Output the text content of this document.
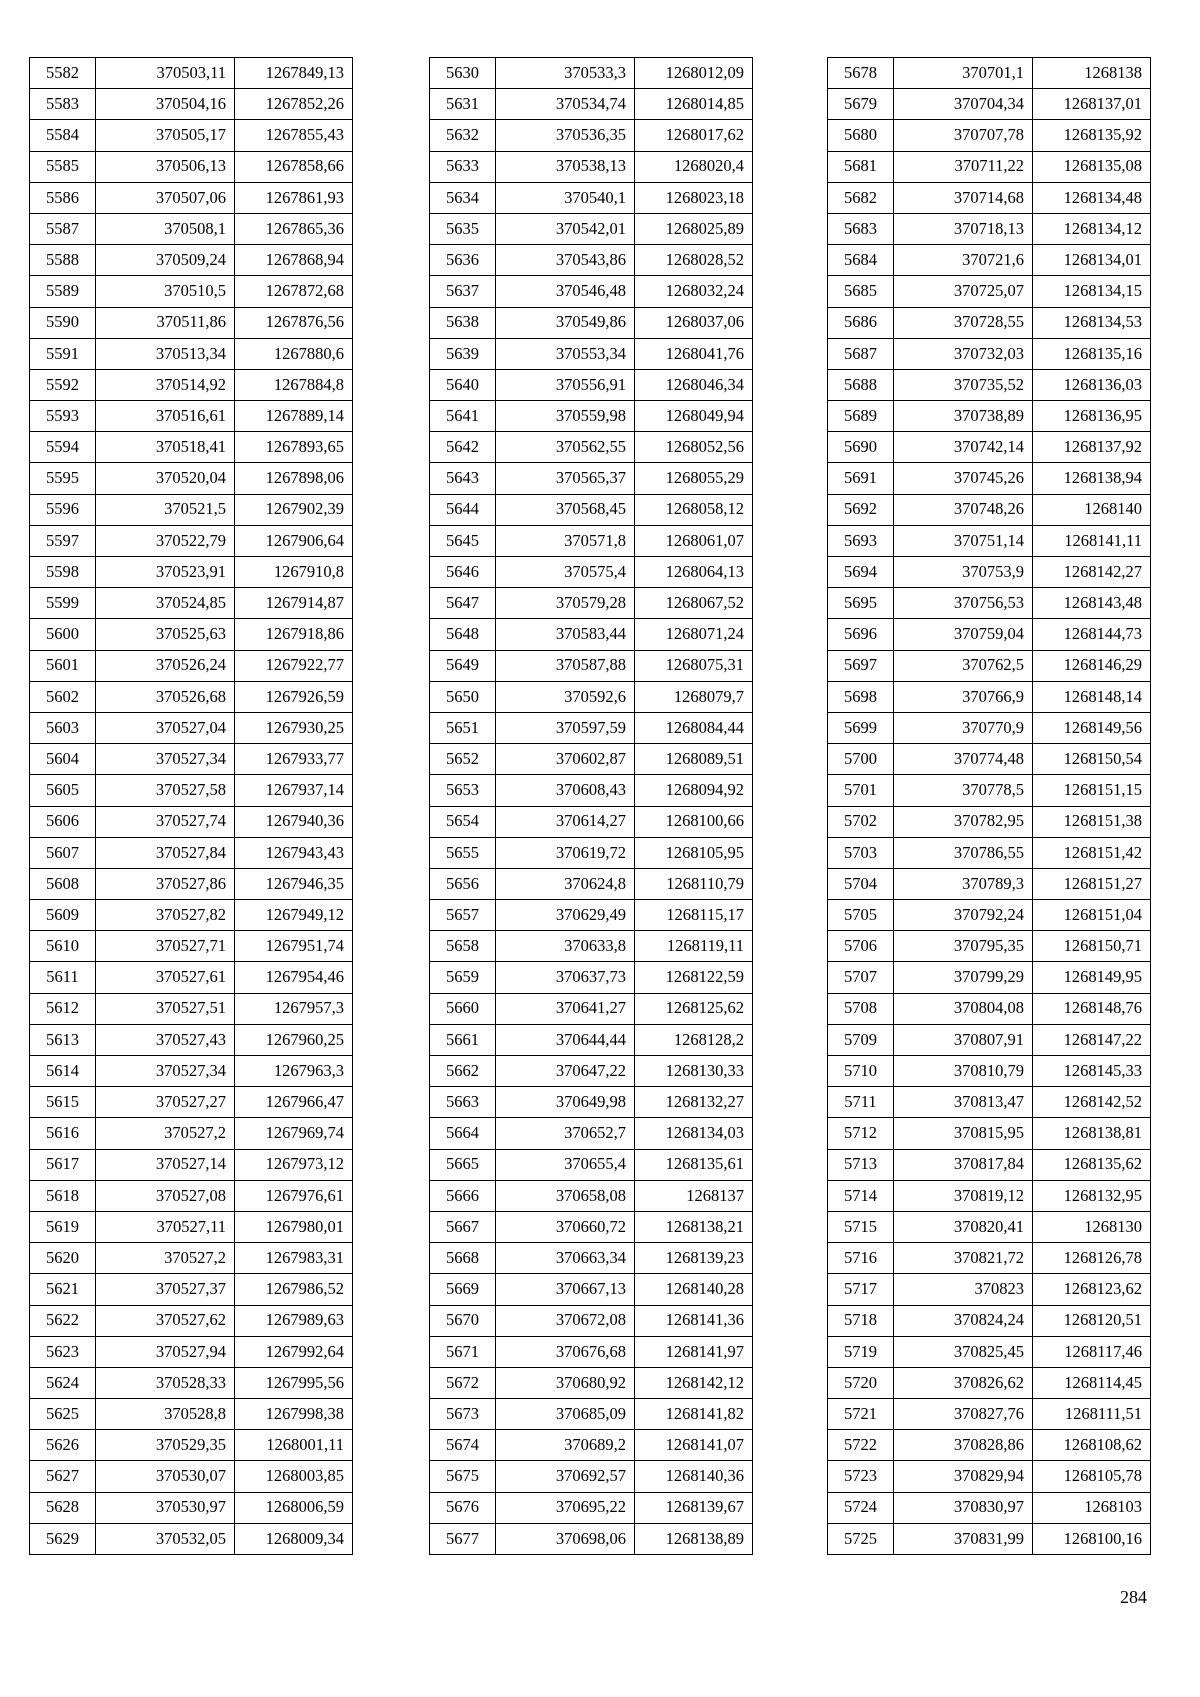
5582	370503,11	1267849,13
5583	370504,16	1267852,26
5584	370505,17	1267855,43
5585	370506,13	1267858,66
5586	370507,06	1267861,93
5587	370508,1	1267865,36
5588	370509,24	1267868,94
5589	370510,5	1267872,68
5590	370511,86	1267876,56
5591	370513,34	1267880,6
5592	370514,92	1267884,8
5593	370516,61	1267889,14
5594	370518,41	1267893,65
5595	370520,04	1267898,06
5596	370521,5	1267902,39
5597	370522,79	1267906,64
5598	370523,91	1267910,8
5599	370524,85	1267914,87
5600	370525,63	1267918,86
5601	370526,24	1267922,77
5602	370526,68	1267926,59
5603	370527,04	1267930,25
5604	370527,34	1267933,77
5605	370527,58	1267937,14
5606	370527,74	1267940,36
5607	370527,84	1267943,43
5608	370527,86	1267946,35
5609	370527,82	1267949,12
5610	370527,71	1267951,74
5611	370527,61	1267954,46
5612	370527,51	1267957,3
5613	370527,43	1267960,25
5614	370527,34	1267963,3
5615	370527,27	1267966,47
5616	370527,2	1267969,74
5617	370527,14	1267973,12
5618	370527,08	1267976,61
5619	370527,11	1267980,01
5620	370527,2	1267983,31
5621	370527,37	1267986,52
5622	370527,62	1267989,63
5623	370527,94	1267992,64
5624	370528,33	1267995,56
5625	370528,8	1267998,38
5626	370529,35	1268001,11
5627	370530,07	1268003,85
5628	370530,97	1268006,59
5629	370532,05	1268009,34
5630	370533,3	1268012,09
5631	370534,74	1268014,85
5632	370536,35	1268017,62
5633	370538,13	1268020,4
5634	370540,1	1268023,18
5635	370542,01	1268025,89
5636	370543,86	1268028,52
5637	370546,48	1268032,24
5638	370549,86	1268037,06
5639	370553,34	1268041,76
5640	370556,91	1268046,34
5641	370559,98	1268049,94
5642	370562,55	1268052,56
5643	370565,37	1268055,29
5644	370568,45	1268058,12
5645	370571,8	1268061,07
5646	370575,4	1268064,13
5647	370579,28	1268067,52
5648	370583,44	1268071,24
5649	370587,88	1268075,31
5650	370592,6	1268079,7
5651	370597,59	1268084,44
5652	370602,87	1268089,51
5653	370608,43	1268094,92
5654	370614,27	1268100,66
5655	370619,72	1268105,95
5656	370624,8	1268110,79
5657	370629,49	1268115,17
5658	370633,8	1268119,11
5659	370637,73	1268122,59
5660	370641,27	1268125,62
5661	370644,44	1268128,2
5662	370647,22	1268130,33
5663	370649,98	1268132,27
5664	370652,7	1268134,03
5665	370655,4	1268135,61
5666	370658,08	1268137
5667	370660,72	1268138,21
5668	370663,34	1268139,23
5669	370667,13	1268140,28
5670	370672,08	1268141,36
5671	370676,68	1268141,97
5672	370680,92	1268142,12
5673	370685,09	1268141,82
5674	370689,2	1268141,07
5675	370692,57	1268140,36
5676	370695,22	1268139,67
5677	370698,06	1268138,89
5678	370701,1	1268138
5679	370704,34	1268137,01
5680	370707,78	1268135,92
5681	370711,22	1268135,08
5682	370714,68	1268134,48
5683	370718,13	1268134,12
5684	370721,6	1268134,01
5685	370725,07	1268134,15
5686	370728,55	1268134,53
5687	370732,03	1268135,16
5688	370735,52	1268136,03
5689	370738,89	1268136,95
5690	370742,14	1268137,92
5691	370745,26	1268138,94
5692	370748,26	1268140
5693	370751,14	1268141,11
5694	370753,9	1268142,27
5695	370756,53	1268143,48
5696	370759,04	1268144,73
5697	370762,5	1268146,29
5698	370766,9	1268148,14
5699	370770,9	1268149,56
5700	370774,48	1268150,54
5701	370778,5	1268151,15
5702	370782,95	1268151,38
5703	370786,55	1268151,42
5704	370789,3	1268151,27
5705	370792,24	1268151,04
5706	370795,35	1268150,71
5707	370799,29	1268149,95
5708	370804,08	1268148,76
5709	370807,91	1268147,22
5710	370810,79	1268145,33
5711	370813,47	1268142,52
5712	370815,95	1268138,81
5713	370817,84	1268135,62
5714	370819,12	1268132,95
5715	370820,41	1268130
5716	370821,72	1268126,78
5717	370823	1268123,62
5718	370824,24	1268120,51
5719	370825,45	1268117,46
5720	370826,62	1268114,45
5721	370827,76	1268111,51
5722	370828,86	1268108,62
5723	370829,94	1268105,78
5724	370830,97	1268103
5725	370831,99	1268100,16
284
